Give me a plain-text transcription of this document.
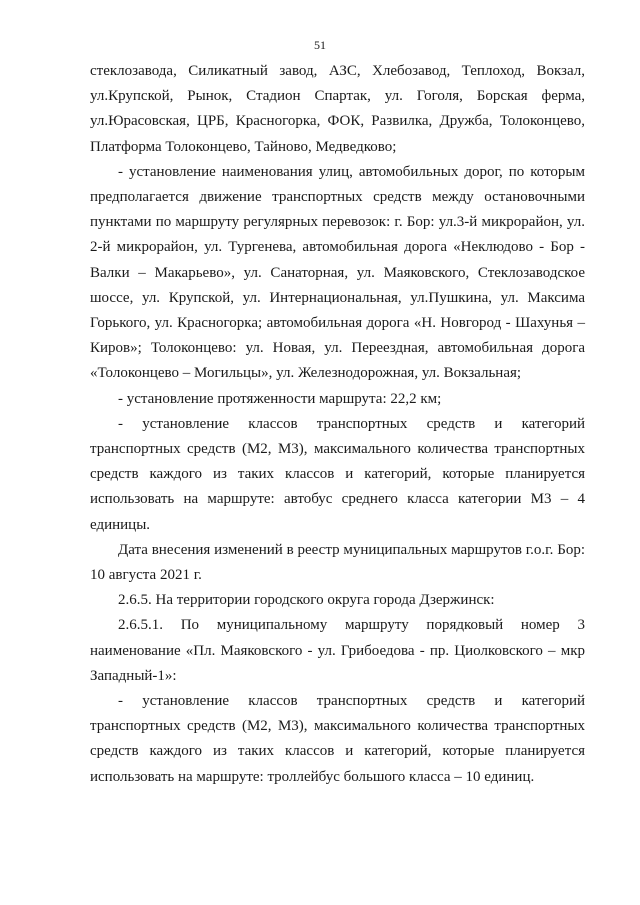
51

стеклозавода, Силикатный завод, АЗС, Хлебозавод, Теплоход, Вокзал, ул.Крупской, Рынок, Стадион Спартак, ул. Гоголя, Борская ферма, ул.Юрасовская, ЦРБ, Красногорка, ФОК, Развилка, Дружба, Толоконцево, Платформа Толоконцево, Тайново, Медведково;

- установление наименования улиц, автомобильных дорог, по которым предполагается движение транспортных средств между остановочными пунктами по маршруту регулярных перевозок: г. Бор: ул.3-й микрорайон, ул. 2-й микрорайон, ул. Тургенева, автомобильная дорога «Неклюдово - Бор - Валки – Макарьево», ул. Санаторная, ул. Маяковского, Стеклозаводское шоссе, ул. Крупской, ул. Интернациональная, ул.Пушкина, ул. Максима Горького, ул. Красногорка; автомобильная дорога «Н. Новгород - Шахунья – Киров»; Толоконцево: ул. Новая, ул. Переездная, автомобильная дорога «Толоконцево – Могильцы», ул. Железнодорожная, ул. Вокзальная;

- установление протяженности маршрута: 22,2 км;

- установление классов транспортных средств и категорий транспортных средств (М2, М3), максимального количества транспортных средств каждого из таких классов и категорий, которые планируется использовать на маршруте: автобус среднего класса категории М3 – 4 единицы.

Дата внесения изменений в реестр муниципальных маршрутов г.о.г. Бор: 10 августа 2021 г.

2.6.5. На территории городского округа города Дзержинск:

2.6.5.1. По муниципальному маршруту порядковый номер 3 наименование «Пл. Маяковского - ул. Грибоедова - пр. Циолковского – мкр Западный-1»:

- установление классов транспортных средств и категорий транспортных средств (М2, М3), максимального количества транспортных средств каждого из таких классов и категорий, которые планируется использовать на маршруте: троллейбус большого класса – 10 единиц.
